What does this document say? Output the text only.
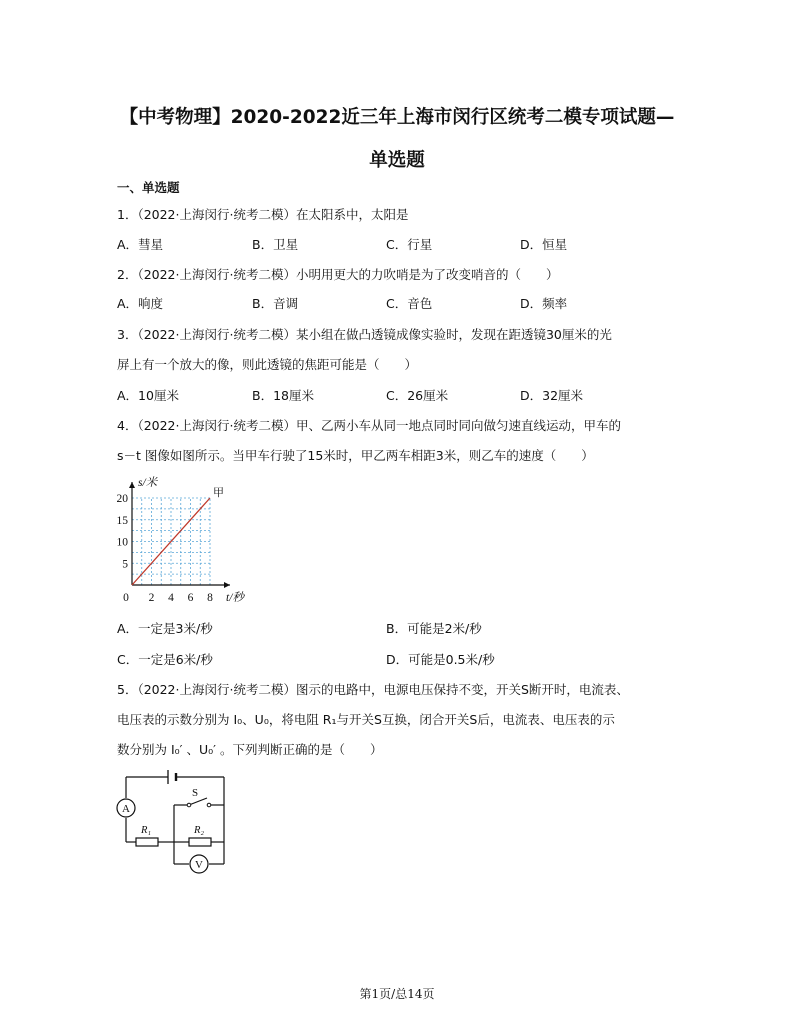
【中考物理】2020-2022近三年上海市闵行区统考二模专项试题—
单选题
一、单选题
1．（2022·上海闵行·统考二模）在太阳系中，太阳是
A．彗星	B．卫星	C．行星	D．恒星
2．（2022·上海闵行·统考二模）小明用更大的力吹哨是为了改变哨音的（　　）
A．响度	B．音调	C．音色	D．频率
3．（2022·上海闵行·统考二模）某小组在做凸透镜成像实验时，发现在距透镜30厘米的光
屏上有一个放大的像，则此透镜的焦距可能是（　　）
A．10厘米	B．18厘米	C．26厘米	D．32厘米
4．（2022·上海闵行·统考二模）甲、乙两小车从同一地点同时同向做匀速直线运动，甲车的
s－t 图像如图所示。当甲车行驶了15米时，甲乙两车相距3米，则乙车的速度（　　）
甲
5
10
15
20
0 2 4 6 8
s/米
t/秒
A．一定是3米/秒	B．可能是2米/秒
C．一定是6米/秒	D．可能是0.5米/秒
5．（2022·上海闵行·统考二模）图示的电路中，电源电压保持不变，开关S断开时，电流表、
电压表的示数分别为 I₀、U₀，将电阻 R₁与开关S互换，闭合开关S后，电流表、电压表的示
数分别为 I₀′ 、U₀′ 。下列判断正确的是（　　）
S
A
R₁	R₂
V
第1页/总14页
